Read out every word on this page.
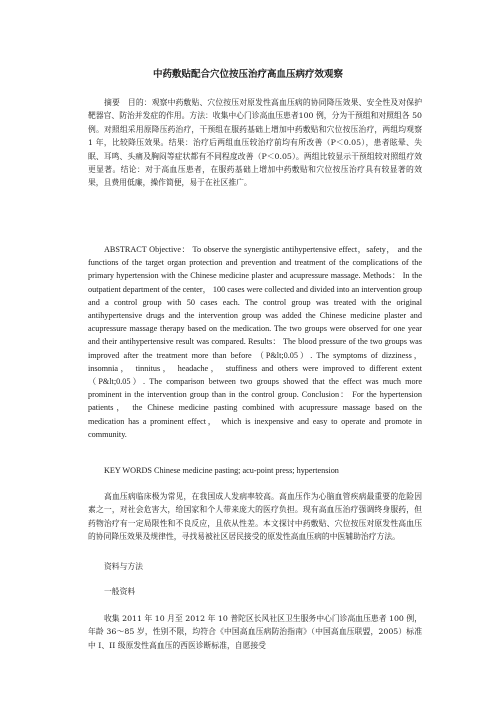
中药敷贴配合穴位按压治疗高血压病疗效观察
摘要　目的：观察中药敷贴、穴位按压对原发性高血压病的协同降压效果、安全性及对保护靶器官、防治并发症的作用。方法：收集中心门诊高血压患者100 例，分为干预组和对照组各 50 例。对照组采用原降压药治疗，干预组在服药基础上增加中药敷贴和穴位按压治疗，两组均观察 1 年，比较降压效果。结果：治疗后两组血压较治疗前均有所改善（P＜0.05），患者眩晕、失眠、耳鸣、头痛及胸闷等症状都有不同程度改善（P＜0.05）。两组比较显示干预组较对照组疗效更显著。结论：对于高血压患者，在服药基础上增加中药敷贴和穴位按压治疗具有较显著的效果，且费用低廉，操作简便，易于在社区推广。
ABSTRACT Objective： To observe the synergistic antihypertensive effect，safety， and the functions of the target organ protection and prevention and treatment of the complications of the primary hypertension with the Chinese medicine plaster and acupressure massage. Methods： In the outpatient department of the center， 100 cases were collected and divided into an intervention group and a control group with 50 cases each. The control group was treated with the original antihypertensive drugs and the intervention group was added the Chinese medicine plaster and acupressure massage therapy based on the medication. The two groups were observed for one year and their antihypertensive result was compared. Results： The blood pressure of the two groups was improved after the treatment more than before （P&lt;0.05）. The symptoms of dizziness， insomnia， tinnitus， headache， stuffiness and others were improved to different extent （P&lt;0.05）. The comparison between two groups showed that the effect was much more prominent in the intervention group than in the control group. Conclusion： For the hypertension patients， the Chinese medicine pasting combined with acupressure massage based on the medication has a prominent effect， which is inexpensive and easy to operate and promote in community.
KEY WORDS Chinese medicine pasting; acu-point press; hypertension
高血压病临床极为常见，在我国成人发病率较高。高血压作为心脑血管疾病最重要的危险因素之一，对社会危害大，给国家和个人带来庞大的医疗负担。现有高血压治疗强调终身服药，但药物治疗有一定局限性和不良反应，且依从性差。本文探讨中药敷贴、穴位按压对原发性高血压的协同降压效果及规律性，寻找易被社区居民接受的原发性高血压病的中医辅助治疗方法。
资料与方法
一般资料
收集 2011 年 10 月至 2012 年 10 普陀区长风社区卫生服务中心门诊高血压患者 100 例，年龄 36～85 岁，性别不限，均符合《中国高血压病防治指南》（中国高血压联盟，2005）标准中 I、II 级原发性高血压的西医诊断标准，自愿接受
